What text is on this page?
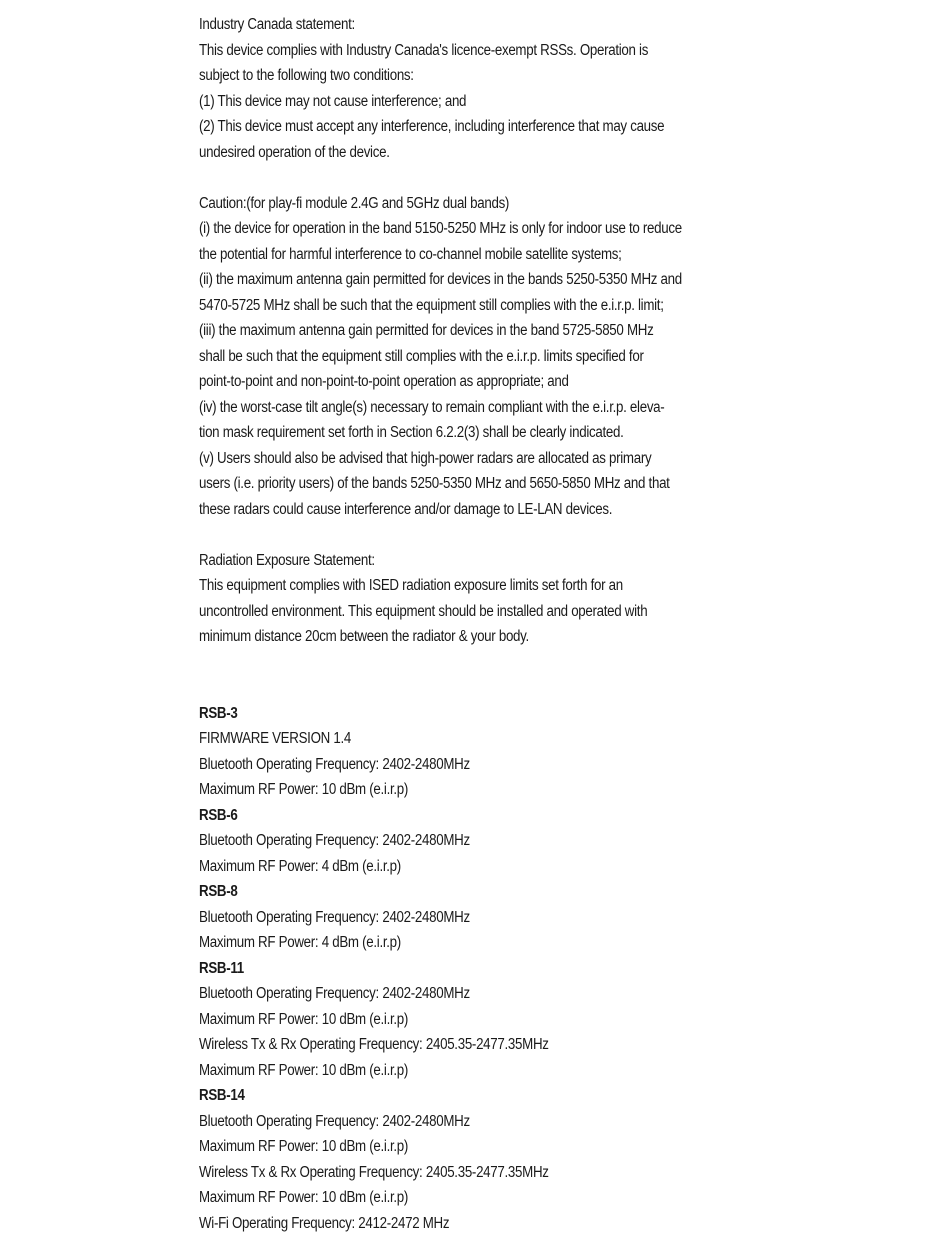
Industry Canada statement:
This device complies with Industry Canada's licence-exempt RSSs. Operation is
subject to the following two conditions:
(1) This device may not cause interference; and
(2) This device must accept any interference, including interference that may cause
undesired operation of the device.
Caution:(for play-fi module 2.4G and 5GHz dual bands)
(i) the device for operation in the band 5150-5250 MHz is only for indoor use to reduce
the potential for harmful interference to co-channel mobile satellite systems;
(ii) the maximum antenna gain permitted for devices in the bands 5250-5350 MHz and
5470-5725 MHz shall be such that the equipment still complies with the e.i.r.p. limit;
(iii) the maximum antenna gain permitted for devices in the band 5725-5850 MHz
shall be such that the equipment still complies with the e.i.r.p. limits specified for
point-to-point and non-point-to-point operation as appropriate; and
(iv) the worst-case tilt angle(s) necessary to remain compliant with the e.i.r.p. eleva-
tion mask requirement set forth in Section 6.2.2(3) shall be clearly indicated.
(v) Users should also be advised that high-power radars are allocated as primary
users (i.e. priority users) of the bands 5250-5350 MHz and 5650-5850 MHz and that
these radars could cause interference and/or damage to LE-LAN devices.
Radiation Exposure Statement:
This equipment complies with ISED radiation exposure limits set forth for an
uncontrolled environment. This equipment should be installed and operated with
minimum distance 20cm between the radiator & your body.
RSB-3
FIRMWARE VERSION 1.4
Bluetooth Operating Frequency: 2402-2480MHz
Maximum RF Power: 10 dBm (e.i.r.p)
RSB-6
Bluetooth Operating Frequency: 2402-2480MHz
Maximum RF Power: 4 dBm (e.i.r.p)
RSB-8
Bluetooth Operating Frequency: 2402-2480MHz
Maximum RF Power: 4 dBm (e.i.r.p)
RSB-11
Bluetooth Operating Frequency: 2402-2480MHz
Maximum RF Power: 10 dBm (e.i.r.p)
Wireless Tx & Rx Operating Frequency: 2405.35-2477.35MHz
Maximum RF Power: 10 dBm (e.i.r.p)
RSB-14
Bluetooth Operating Frequency: 2402-2480MHz
Maximum RF Power: 10 dBm (e.i.r.p)
Wireless Tx & Rx Operating Frequency: 2405.35-2477.35MHz
Maximum RF Power: 10 dBm (e.i.r.p)
Wi-Fi Operating Frequency: 2412-2472 MHz
